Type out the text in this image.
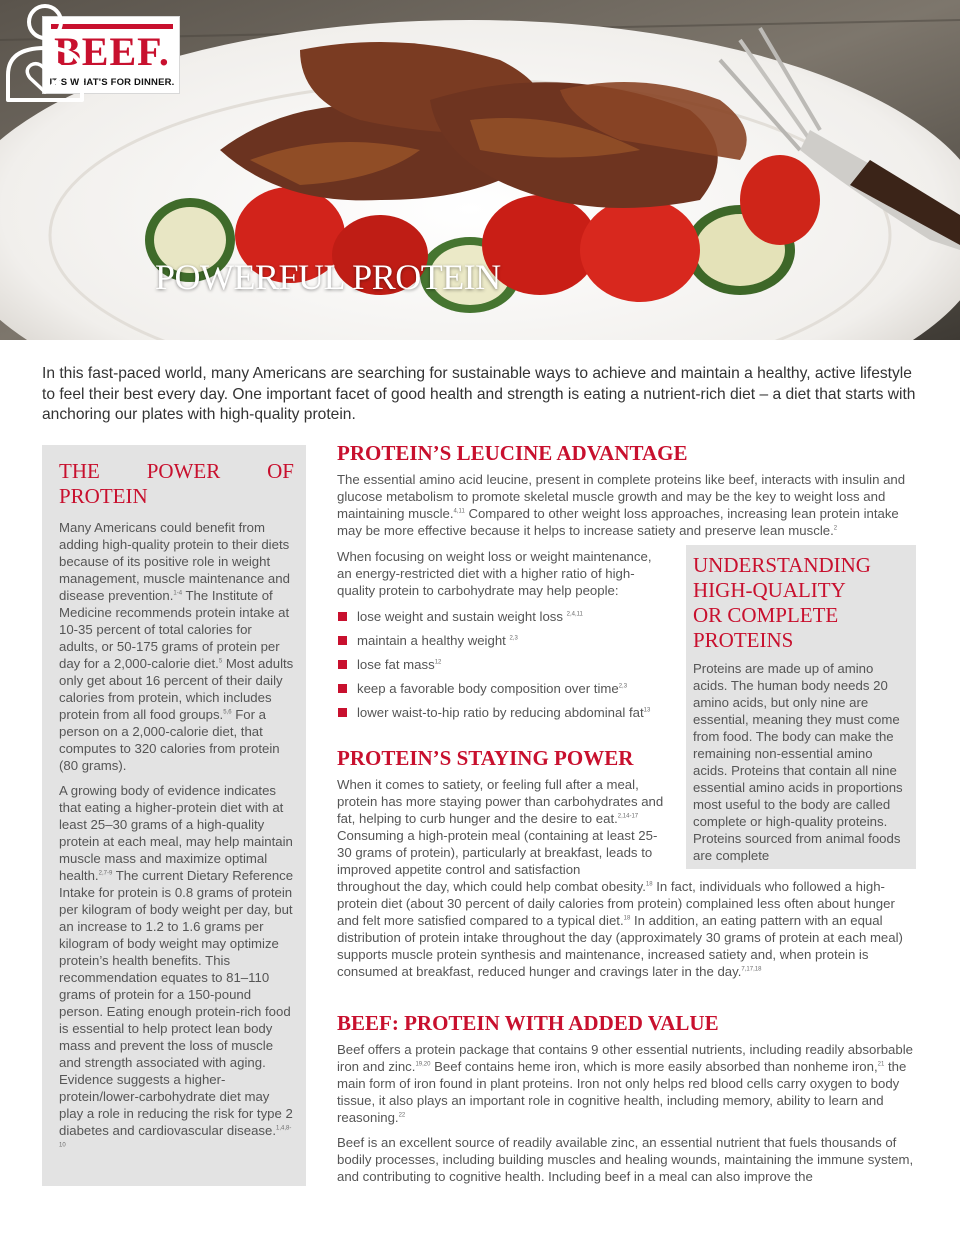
BEEF.
IT'S WHAT'S FOR DINNER.
POWERFUL PROTEIN

In this fast-paced world, many Americans are searching for sustainable ways to achieve and maintain a healthy, active lifestyle to feel their best every day. One important facet of good health and strength is eating a nutrient-rich diet – a diet that starts with anchoring our plates with high-quality protein.

THE POWER OF
PROTEIN

Many Americans could benefit from adding high-quality protein to their diets because of its positive role in weight management, muscle maintenance and disease prevention.$^{1-4}$ The Institute of Medicine recommends protein intake at 10-35 percent of total calories for adults, or 50-175 grams of protein per day for a 2,000-calorie diet.$^5$ Most adults only get about 16 percent of their daily calories from protein, which includes protein from all food groups.$^{5,6}$ For a person on a 2,000-calorie diet, that computes to 320 calories from protein (80 grams).

A growing body of evidence indicates that eating a higher-protein diet with at least 25–30 grams of a high-quality protein at each meal, may help maintain muscle mass and maximize optimal health.$^{2,7-9}$ The current Dietary Reference Intake for protein is 0.8 grams of protein per kilogram of body weight per day, but an increase to 1.2 to 1.6 grams per kilogram of body weight may optimize protein’s health benefits. This recommendation equates to 81–110 grams of protein for a 150-pound person. Eating enough protein-rich food is essential to help protect lean body mass and prevent the loss of muscle and strength associated with aging. Evidence suggests a higher-protein/lower-carbohydrate diet may play a role in reducing the risk for type 2 diabetes and cardiovascular disease.$^{1,4,8-10}$

PROTEIN’S LEUCINE ADVANTAGE

The essential amino acid leucine, present in complete proteins like beef, interacts with insulin and glucose metabolism to promote skeletal muscle growth and may be the key to weight loss and maintaining muscle.$^{4,11}$ Compared to other weight loss approaches, increasing lean protein intake may be more effective because it helps to increase satiety and preserve lean muscle.$^2$

When focusing on weight loss or weight maintenance, an energy-restricted diet with a higher ratio of high-quality protein to carbohydrate may help people:

lose weight and sustain weight loss $^{2,4,11}$
maintain a healthy weight $^{2,3}$
lose fat mass$^{12}$
keep a favorable body composition over time$^{2,3}$
lower waist-to-hip ratio by reducing abdominal fat$^{13}$
PROTEIN’S STAYING POWER

When it comes to satiety, or feeling full after a meal, protein has more staying power than carbohydrates and fat, helping to curb hunger and the desire to eat.$^{2,14-17}$ Consuming a high-protein meal (containing at least 25-30 grams of protein), particularly at breakfast, leads to improved appetite control and satisfaction

throughout the day, which could help combat obesity.$^{18}$ In fact, individuals who followed a high-protein diet (about 30 percent of daily calories from protein) complained less often about hunger and felt more satisfied compared to a typical diet.$^{18}$ In addition, an eating pattern with an equal distribution of protein intake throughout the day (approximately 30 grams of protein at each meal) supports muscle protein synthesis and maintenance, increased satiety and, when protein is consumed at breakfast, reduced hunger and cravings later in the day.$^{7,17,18}$

BEEF: PROTEIN WITH ADDED VALUE

Beef offers a protein package that contains 9 other essential nutrients, including readily absorbable iron and zinc.$^{19,20}$ Beef contains heme iron, which is more easily absorbed than nonheme iron,$^{21}$ the main form of iron found in plant proteins. Iron not only helps red blood cells carry oxygen to body tissue, it also plays an important role in cognitive health, including memory, ability to learn and reasoning.$^{22}$

Beef is an excellent source of readily available zinc, an essential nutrient that fuels thousands of bodily processes, including building muscles and healing wounds, maintaining the immune system, and contributing to cognitive health. Including beef in a meal can also improve the

UNDERSTANDING
HIGH-QUALITY
OR COMPLETE
PROTEINS

Proteins are made up of amino acids. The human body needs 20 amino acids, but only nine are essential, meaning they must come from food. The body can make the remaining non-essential amino acids. Proteins that contain all nine essential amino acids in proportions most useful to the body are called complete or high-quality proteins. Proteins sourced from animal foods are complete
